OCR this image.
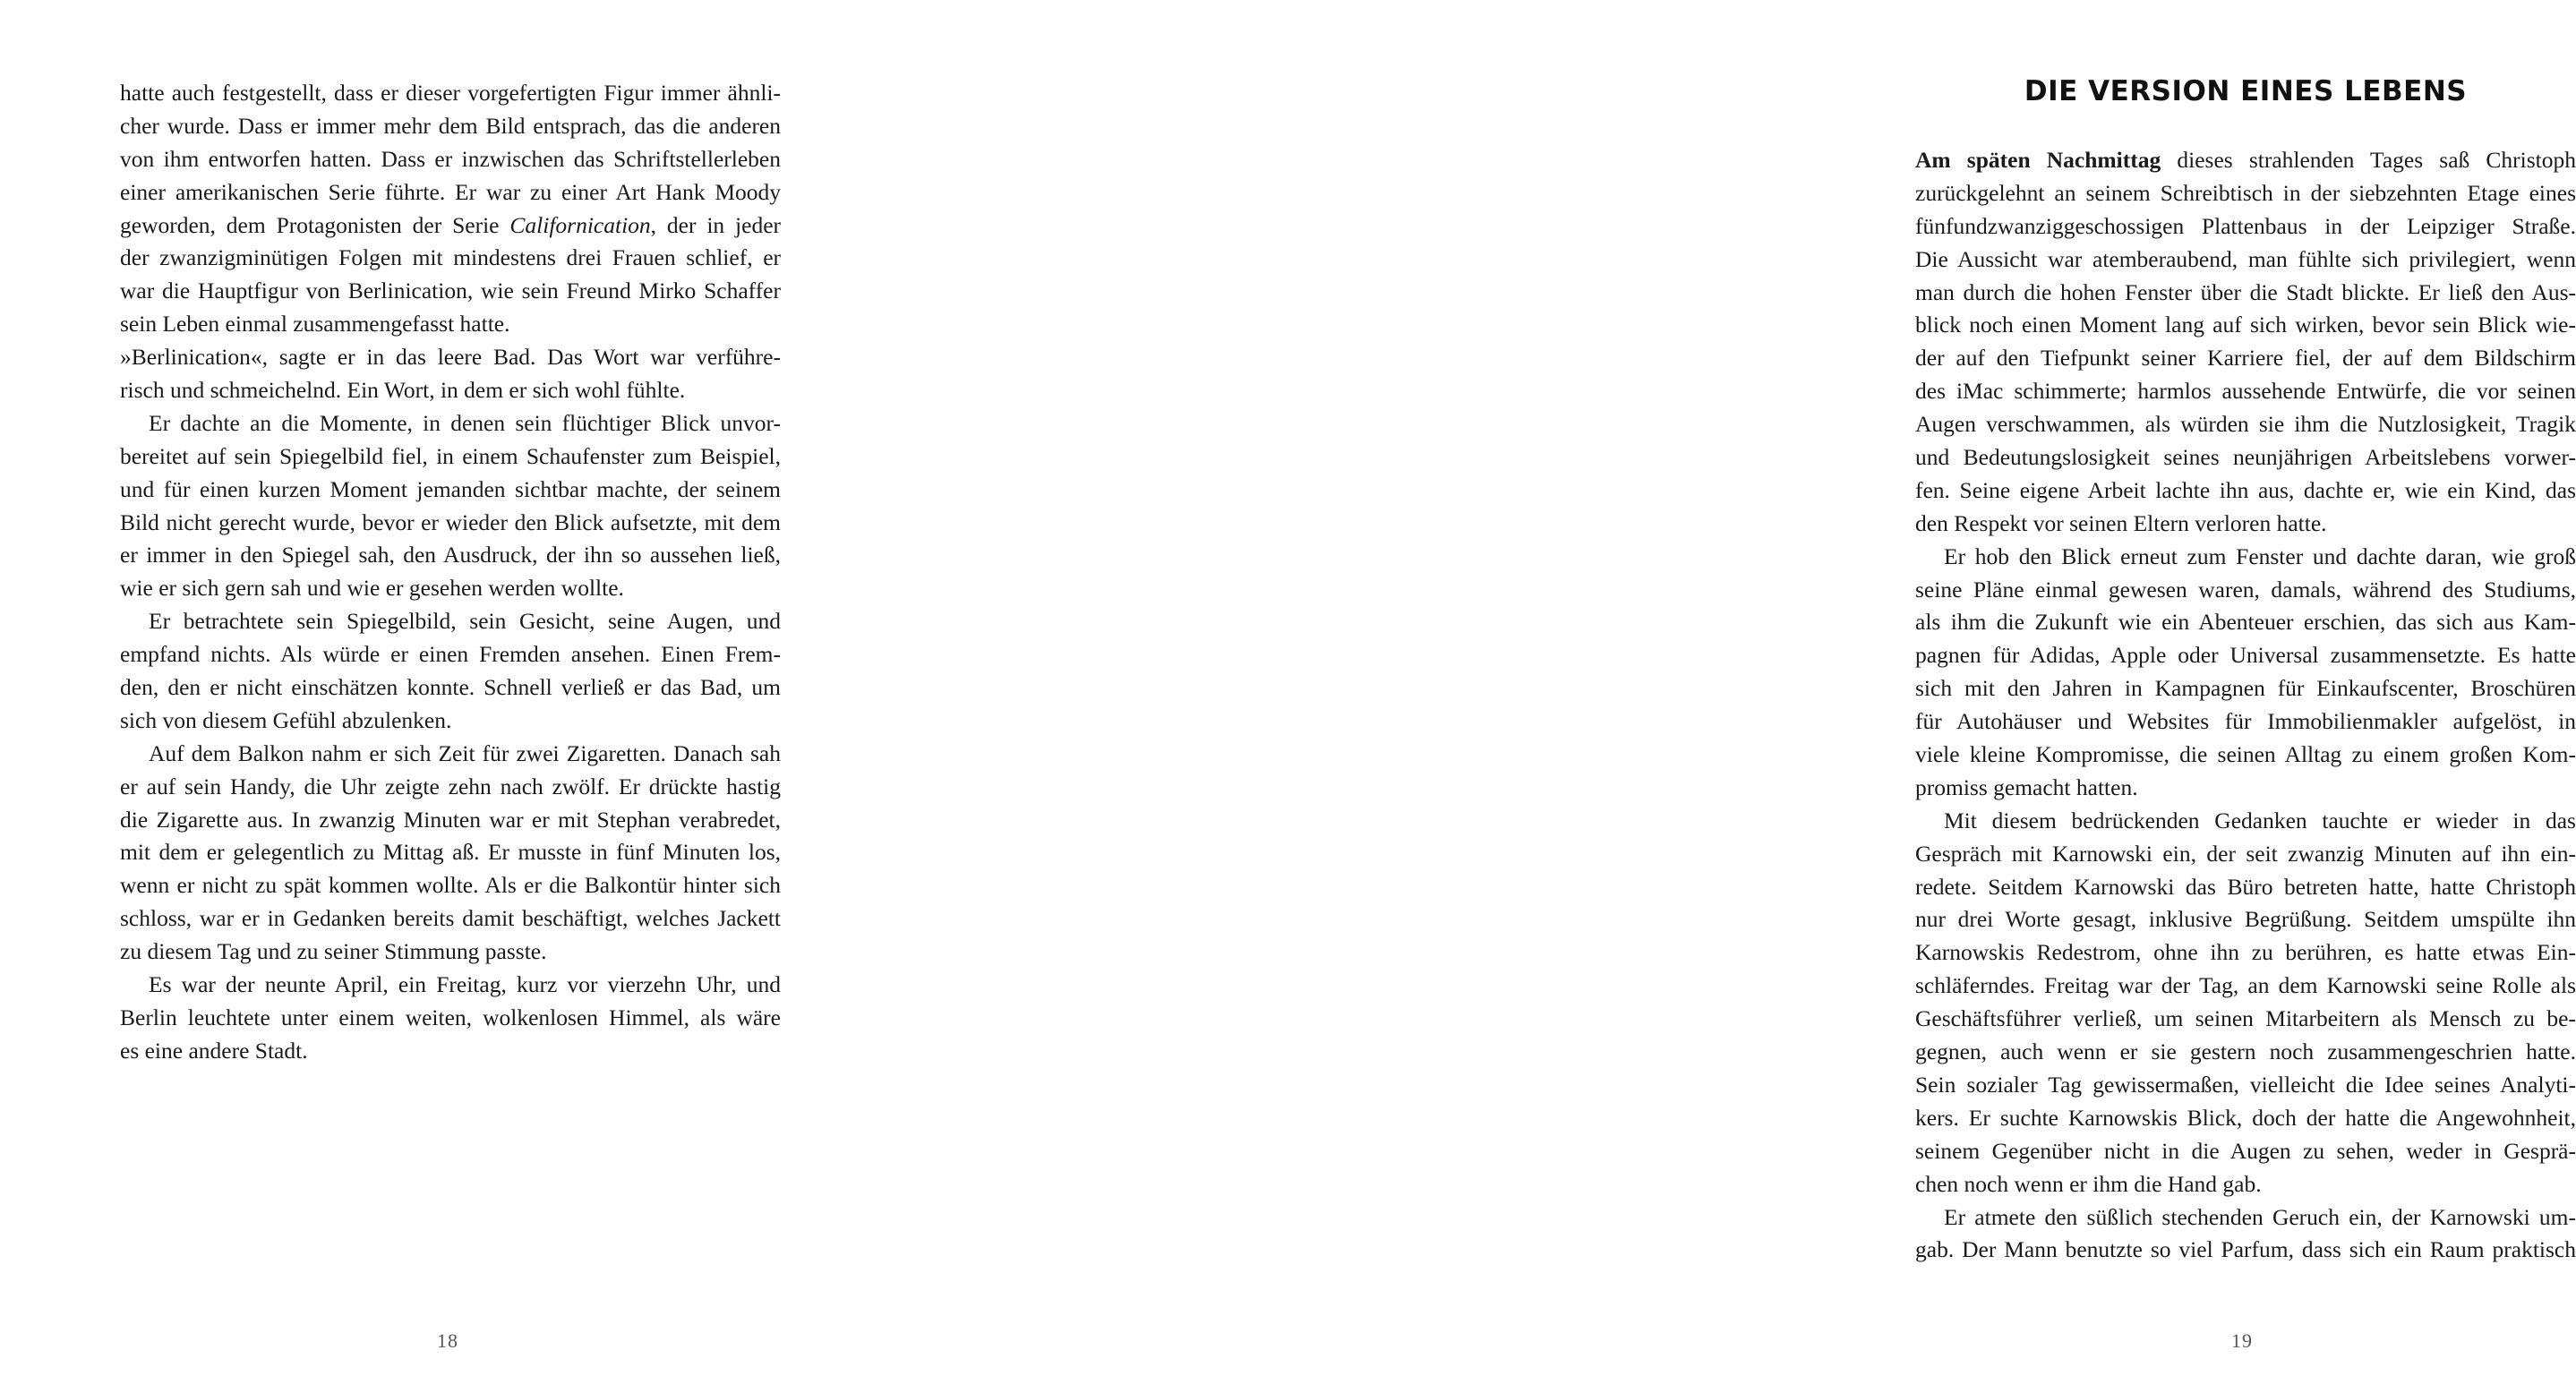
hatte auch festgestellt, dass er dieser vorgefertigten Figur immer ähnli-
cher wurde. Dass er immer mehr dem Bild entsprach, das die anderen
von ihm entworfen hatten. Dass er inzwischen das Schriftstellerleben
einer amerikanischen Serie führte. Er war zu einer Art Hank Moody
geworden, dem Protagonisten der Serie Californication, der in jeder
der zwanzigminütigen Folgen mit mindestens drei Frauen schlief, er
war die Hauptfigur von Berlinication, wie sein Freund Mirko Schaffer
sein Leben einmal zusammengefasst hatte.
»Berlinication«, sagte er in das leere Bad. Das Wort war verführe-
risch und schmeichelnd. Ein Wort, in dem er sich wohl fühlte.
Er dachte an die Momente, in denen sein flüchtiger Blick unvor-
bereitet auf sein Spiegelbild fiel, in einem Schaufenster zum Beispiel,
und für einen kurzen Moment jemanden sichtbar machte, der seinem
Bild nicht gerecht wurde, bevor er wieder den Blick aufsetzte, mit dem
er immer in den Spiegel sah, den Ausdruck, der ihn so aussehen ließ,
wie er sich gern sah und wie er gesehen werden wollte.
Er betrachtete sein Spiegelbild, sein Gesicht, seine Augen, und
empfand nichts. Als würde er einen Fremden ansehen. Einen Frem-
den, den er nicht einschätzen konnte. Schnell verließ er das Bad, um
sich von diesem Gefühl abzulenken.
Auf dem Balkon nahm er sich Zeit für zwei Zigaretten. Danach sah
er auf sein Handy, die Uhr zeigte zehn nach zwölf. Er drückte hastig
die Zigarette aus. In zwanzig Minuten war er mit Stephan verabredet,
mit dem er gelegentlich zu Mittag aß. Er musste in fünf Minuten los,
wenn er nicht zu spät kommen wollte. Als er die Balkontür hinter sich
schloss, war er in Gedanken bereits damit beschäftigt, welches Jackett
zu diesem Tag und zu seiner Stimmung passte.
Es war der neunte April, ein Freitag, kurz vor vierzehn Uhr, und
Berlin leuchtete unter einem weiten, wolkenlosen Himmel, als wäre
es eine andere Stadt.
18
DIE VERSION EINES LEBENS
Am späten Nachmittag dieses strahlenden Tages saß Christoph
zurückgelehnt an seinem Schreibtisch in der siebzehnten Etage eines
fünfundzwanziggeschossigen Plattenbaus in der Leipziger Straße.
Die Aussicht war atemberaubend, man fühlte sich privilegiert, wenn
man durch die hohen Fenster über die Stadt blickte. Er ließ den Aus-
blick noch einen Moment lang auf sich wirken, bevor sein Blick wie-
der auf den Tiefpunkt seiner Karriere fiel, der auf dem Bildschirm
des iMac schimmerte; harmlos aussehende Entwürfe, die vor seinen
Augen verschwammen, als würden sie ihm die Nutzlosigkeit, Tragik
und Bedeutungslosigkeit seines neunjährigen Arbeitslebens vorwer-
fen. Seine eigene Arbeit lachte ihn aus, dachte er, wie ein Kind, das
den Respekt vor seinen Eltern verloren hatte.
Er hob den Blick erneut zum Fenster und dachte daran, wie groß
seine Pläne einmal gewesen waren, damals, während des Studiums,
als ihm die Zukunft wie ein Abenteuer erschien, das sich aus Kam-
pagnen für Adidas, Apple oder Universal zusammensetzte. Es hatte
sich mit den Jahren in Kampagnen für Einkaufscenter, Broschüren
für Autohäuser und Websites für Immobilienmakler aufgelöst, in
viele kleine Kompromisse, die seinen Alltag zu einem großen Kom-
promiss gemacht hatten.
Mit diesem bedrückenden Gedanken tauchte er wieder in das
Gespräch mit Karnowski ein, der seit zwanzig Minuten auf ihn ein-
redete. Seitdem Karnowski das Büro betreten hatte, hatte Christoph
nur drei Worte gesagt, inklusive Begrüßung. Seitdem umspülte ihn
Karnowskis Redestrom, ohne ihn zu berühren, es hatte etwas Ein-
schläferndes. Freitag war der Tag, an dem Karnowski seine Rolle als
Geschäftsführer verließ, um seinen Mitarbeitern als Mensch zu be-
gegnen, auch wenn er sie gestern noch zusammengeschrien hatte.
Sein sozialer Tag gewissermaßen, vielleicht die Idee seines Analyti-
kers. Er suchte Karnowskis Blick, doch der hatte die Angewohnheit,
seinem Gegenüber nicht in die Augen zu sehen, weder in Gesprä-
chen noch wenn er ihm die Hand gab.
Er atmete den süßlich stechenden Geruch ein, der Karnowski um-
gab. Der Mann benutzte so viel Parfum, dass sich ein Raum praktisch
19
